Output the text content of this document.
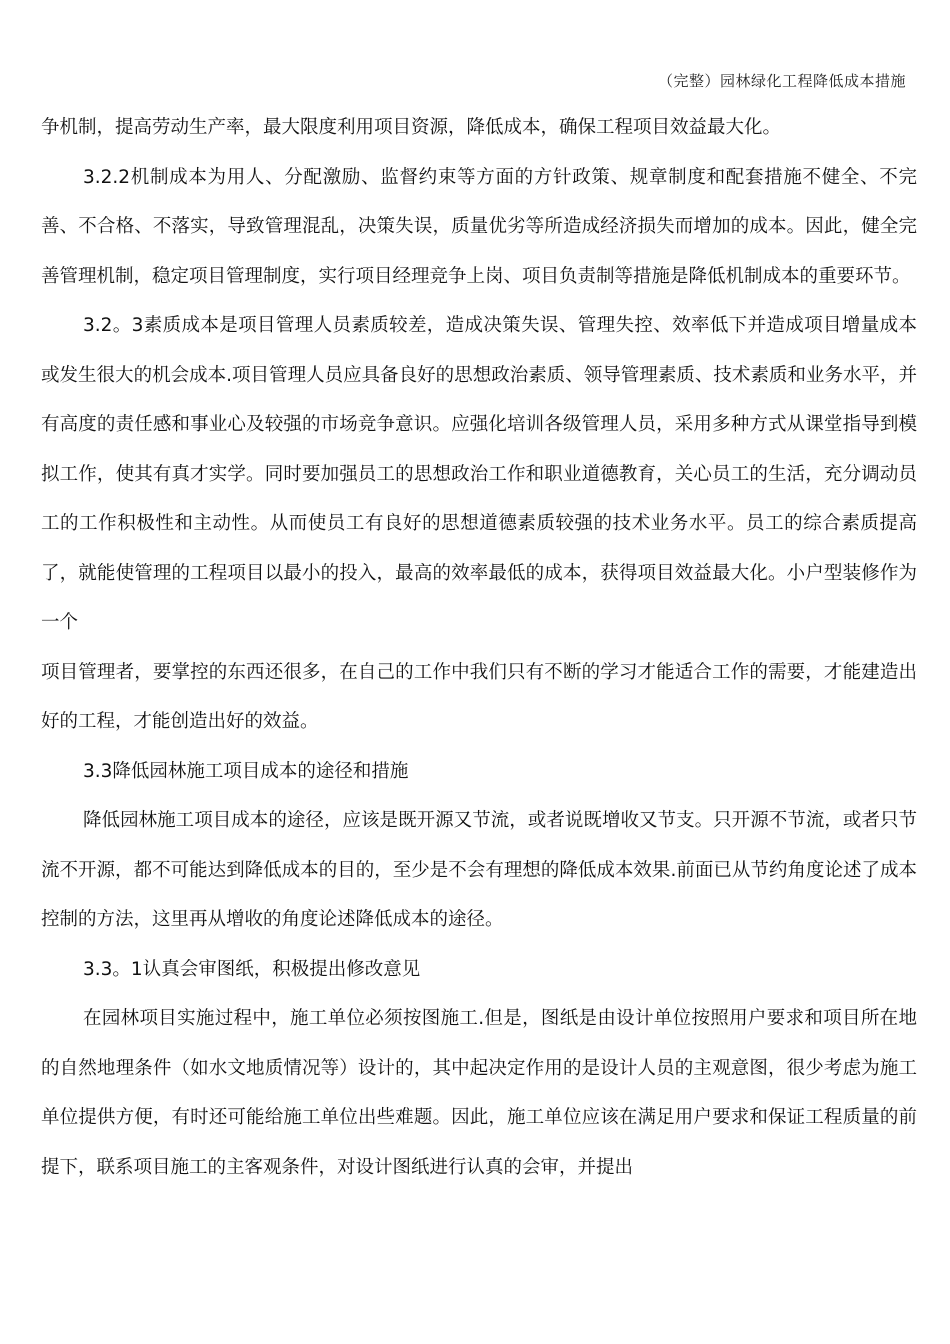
（完整）园林绿化工程降低成本措施

争机制，提高劳动生产率，最大限度利用项目资源，降低成本，确保工程项目效益最大化。

3.2.2机制成本为用人、分配激励、监督约束等方面的方针政策、规章制度和配套措施不健全、不完善、不合格、不落实，导致管理混乱，决策失误，质量优劣等所造成经济损失而增加的成本。因此，健全完善管理机制，稳定项目管理制度，实行项目经理竞争上岗、项目负责制等措施是降低机制成本的重要环节。

3.2。3素质成本是项目管理人员素质较差，造成决策失误、管理失控、效率低下并造成项目增量成本或发生很大的机会成本.项目管理人员应具备良好的思想政治素质、领导管理素质、技术素质和业务水平，并有高度的责任感和事业心及较强的市场竞争意识。应强化培训各级管理人员，采用多种方式从课堂指导到模拟工作，使其有真才实学。同时要加强员工的思想政治工作和职业道德教育，关心员工的生活，充分调动员工的工作积极性和主动性。从而使员工有良好的思想道德素质较强的技术业务水平。员工的综合素质提高了，就能使管理的工程项目以最小的投入，最高的效率最低的成本，获得项目效益最大化。小户型装修作为一个

项目管理者，要掌控的东西还很多，在自己的工作中我们只有不断的学习才能适合工作的需要，才能建造出好的工程，才能创造出好的效益。

3.3降低园林施工项目成本的途径和措施

降低园林施工项目成本的途径，应该是既开源又节流，或者说既增收又节支。只开源不节流，或者只节流不开源，都不可能达到降低成本的目的，至少是不会有理想的降低成本效果.前面已从节约角度论述了成本控制的方法，这里再从增收的角度论述降低成本的途径。

3.3。1认真会审图纸，积极提出修改意见

在园林项目实施过程中，施工单位必须按图施工.但是，图纸是由设计单位按照用户要求和项目所在地的自然地理条件（如水文地质情况等）设计的，其中起决定作用的是设计人员的主观意图，很少考虑为施工单位提供方便，有时还可能给施工单位出些难题。因此，施工单位应该在满足用户要求和保证工程质量的前提下，联系项目施工的主客观条件，对设计图纸进行认真的会审，并提出
